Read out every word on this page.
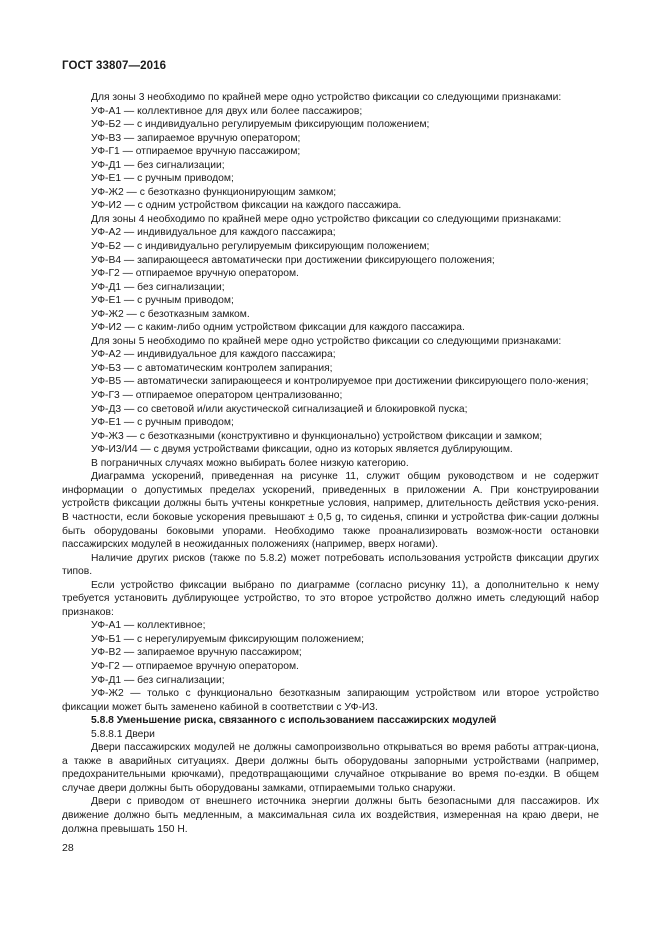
ГОСТ 33807—2016

Для зоны 3 необходимо по крайней мере одно устройство фиксации со следующими признаками:

УФ-А1 — коллективное для двух или более пассажиров;

УФ-Б2 — с индивидуально регулируемым фиксирующим положением;

УФ-В3 — запираемое вручную оператором;

УФ-Г1 — отпираемое вручную пассажиром;

УФ-Д1 — без сигнализации;

УФ-Е1 — с ручным приводом;

УФ-Ж2 — с безотказно функционирующим замком;

УФ-И2 — с одним устройством фиксации на каждого пассажира.

Для зоны 4 необходимо по крайней мере одно устройство фиксации со следующими признаками:

УФ-А2 — индивидуальное для каждого пассажира;

УФ-Б2 — с индивидуально регулируемым фиксирующим положением;

УФ-В4 — запирающееся автоматически при достижении фиксирующего положения;

УФ-Г2 — отпираемое вручную оператором.

УФ-Д1 — без сигнализации;

УФ-Е1 — с ручным приводом;

УФ-Ж2 — с безотказным замком.

УФ-И2 — с каким-либо одним устройством фиксации для каждого пассажира.

Для зоны 5 необходимо по крайней мере одно устройство фиксации со следующими признаками:

УФ-А2 — индивидуальное для каждого пассажира;

УФ-Б3 — с автоматическим контролем запирания;

УФ-В5 — автоматически запирающееся и контролируемое при достижении фиксирующего поло-жения;

УФ-Г3 — отпираемое оператором централизованно;

УФ-Д3 — со световой и/или акустической сигнализацией и блокировкой пуска;

УФ-Е1 — с ручным приводом;

УФ-Ж3 — с безотказными (конструктивно и функционально) устройством фиксации и замком;

УФ-И3/И4 — с двумя устройствами фиксации, одно из которых является дублирующим.

В пограничных случаях можно выбирать более низкую категорию.

Диаграмма ускорений, приведенная на рисунке 11, служит общим руководством и не содержит информации о допустимых пределах ускорений, приведенных в приложении А. При конструировании устройств фиксации должны быть учтены конкретные условия, например, длительность действия уско-рения. В частности, если боковые ускорения превышают ± 0,5 g, то сиденья, спинки и устройства фик-сации должны быть оборудованы боковыми упорами. Необходимо также проанализировать возмож-ности остановки пассажирских модулей в неожиданных положениях (например, вверх ногами).

Наличие других рисков (также по 5.8.2) может потребовать использования устройств фиксации других типов.

Если устройство фиксации выбрано по диаграмме (согласно рисунку 11), а дополнительно к нему требуется установить дублирующее устройство, то это второе устройство должно иметь следующий набор признаков:

УФ-А1 — коллективное;

УФ-Б1 — с нерегулируемым фиксирующим положением;

УФ-В2 — запираемое вручную пассажиром;

УФ-Г2 — отпираемое вручную оператором.

УФ-Д1 — без сигнализации;

УФ-Ж2 — только с функционально безотказным запирающим устройством или второе устройство фиксации может быть заменено кабиной в соответствии с УФ-И3.

5.8.8 Уменьшение риска, связанного с использованием пассажирских модулей

5.8.8.1 Двери

Двери пассажирских модулей не должны самопроизвольно открываться во время работы аттрак-циона, а также в аварийных ситуациях. Двери должны быть оборудованы запорными устройствами (например, предохранительными крючками), предотвращающими случайное открывание во время по-ездки. В общем случае двери должны быть оборудованы замками, отпираемыми только снаружи.

Двери с приводом от внешнего источника энергии должны быть безопасными для пассажиров. Их движение должно быть медленным, а максимальная сила их воздействия, измеренная на краю двери, не должна превышать 150 Н.

28
